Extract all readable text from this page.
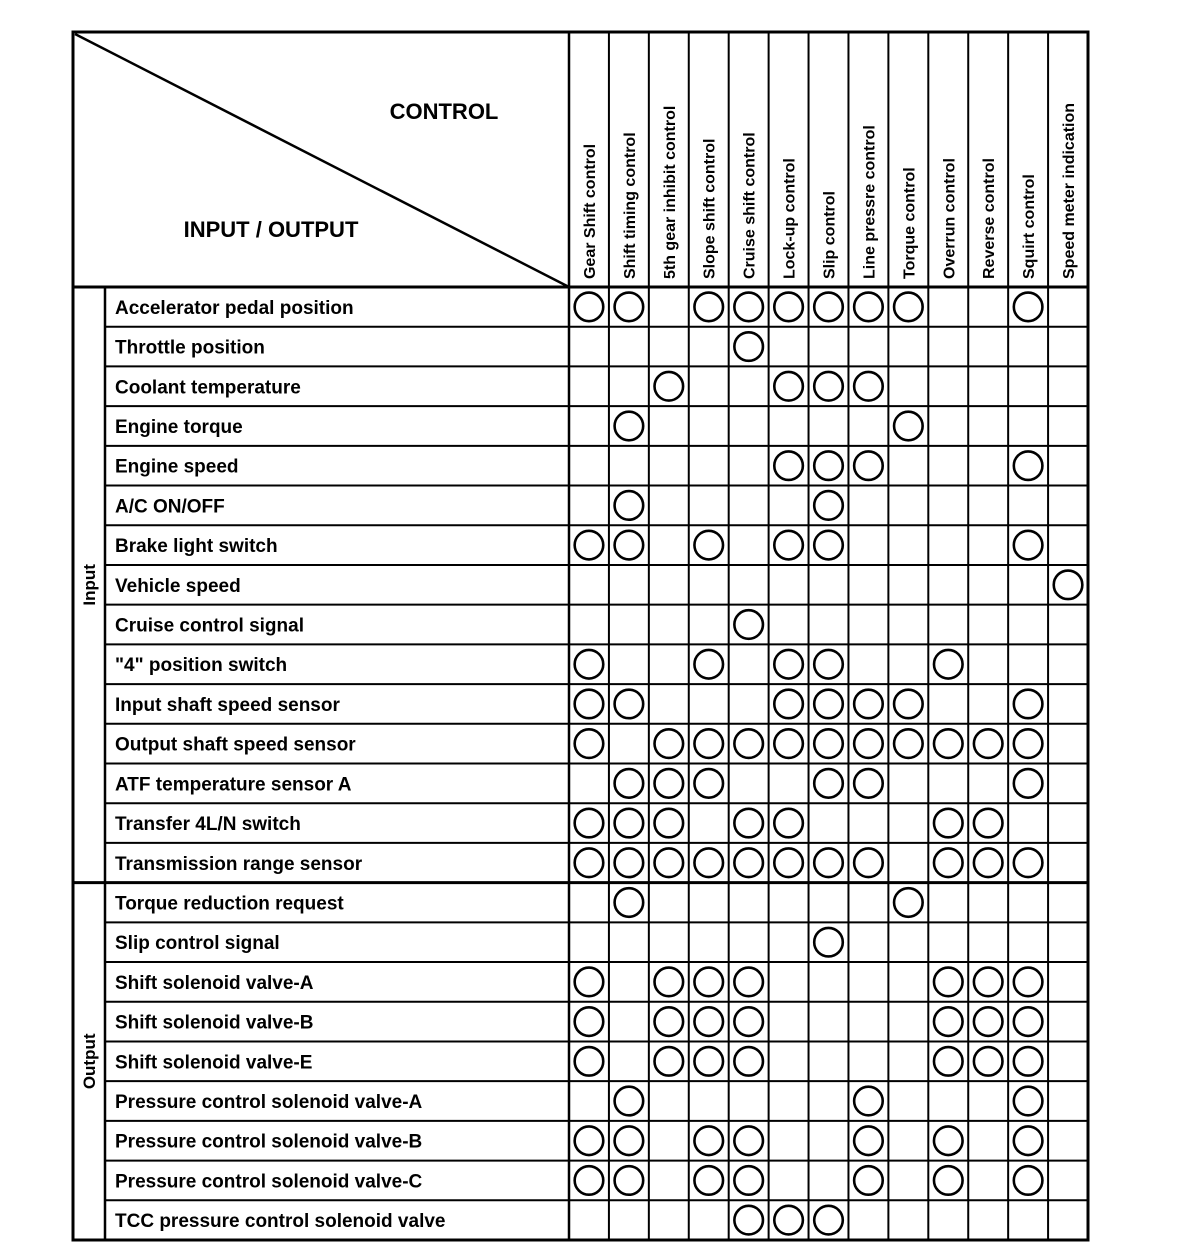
CONTROL
INPUT / OUTPUT	Gear Shift control Shift timing control 5th gear inhibit control Slope shift control Cruise shift control Lock-up control Slip control Line pressre control Torque control Overrun control Reverse control Squirt control Speed meter indication
Input
Output
Accelerator pedal position
Throttle position
Coolant temperature
Engine torque
Engine speed
A/C ON/OFF
Brake light switch
Vehicle speed
Cruise control signal
"4" position switch
Input shaft speed sensor
Output shaft speed sensor
ATF temperature sensor A
Transfer 4L/N switch
Transmission range sensor
Torque reduction request
Slip control signal
Shift solenoid valve-A
Shift solenoid valve-B
Shift solenoid valve-E
Pressure control solenoid valve-A
Pressure control solenoid valve-B
Pressure control solenoid valve-C
TCC pressure control solenoid valve
